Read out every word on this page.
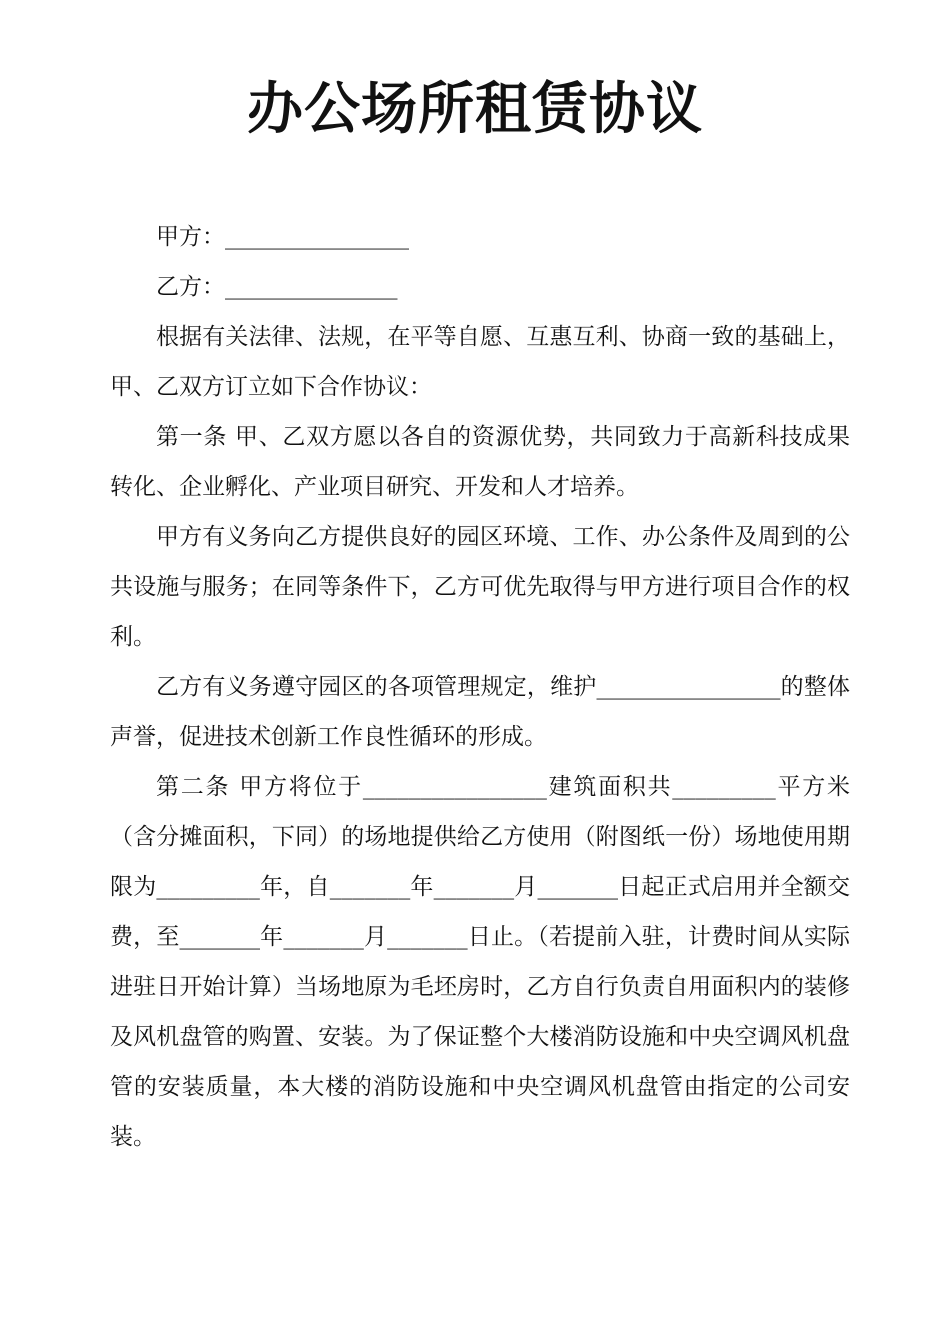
办公场所租赁协议

甲方：________________

乙方：_______________

根据有关法律、法规，在平等自愿、互惠互利、协商一致的基础上，甲、乙双方订立如下合作协议：

第一条 甲、乙双方愿以各自的资源优势，共同致力于高新科技成果转化、企业孵化、产业项目研究、开发和人才培养。

甲方有义务向乙方提供良好的园区环境、工作、办公条件及周到的公共设施与服务；在同等条件下，乙方可优先取得与甲方进行项目合作的权利。

乙方有义务遵守园区的各项管理规定，维护________________的整体声誉，促进技术创新工作良性循环的形成。

第二条 甲方将位于________________建筑面积共_________平方米（含分摊面积，下同）的场地提供给乙方使用（附图纸一份）场地使用期限为_________年，自_______年_______月_______日起正式启用并全额交费，至_______年_______月_______日止。（若提前入驻，计费时间从实际进驻日开始计算）当场地原为毛坯房时，乙方自行负责自用面积内的装修及风机盘管的购置、安装。为了保证整个大楼消防设施和中央空调风机盘管的安装质量，本大楼的消防设施和中央空调风机盘管由指定的公司安装。
